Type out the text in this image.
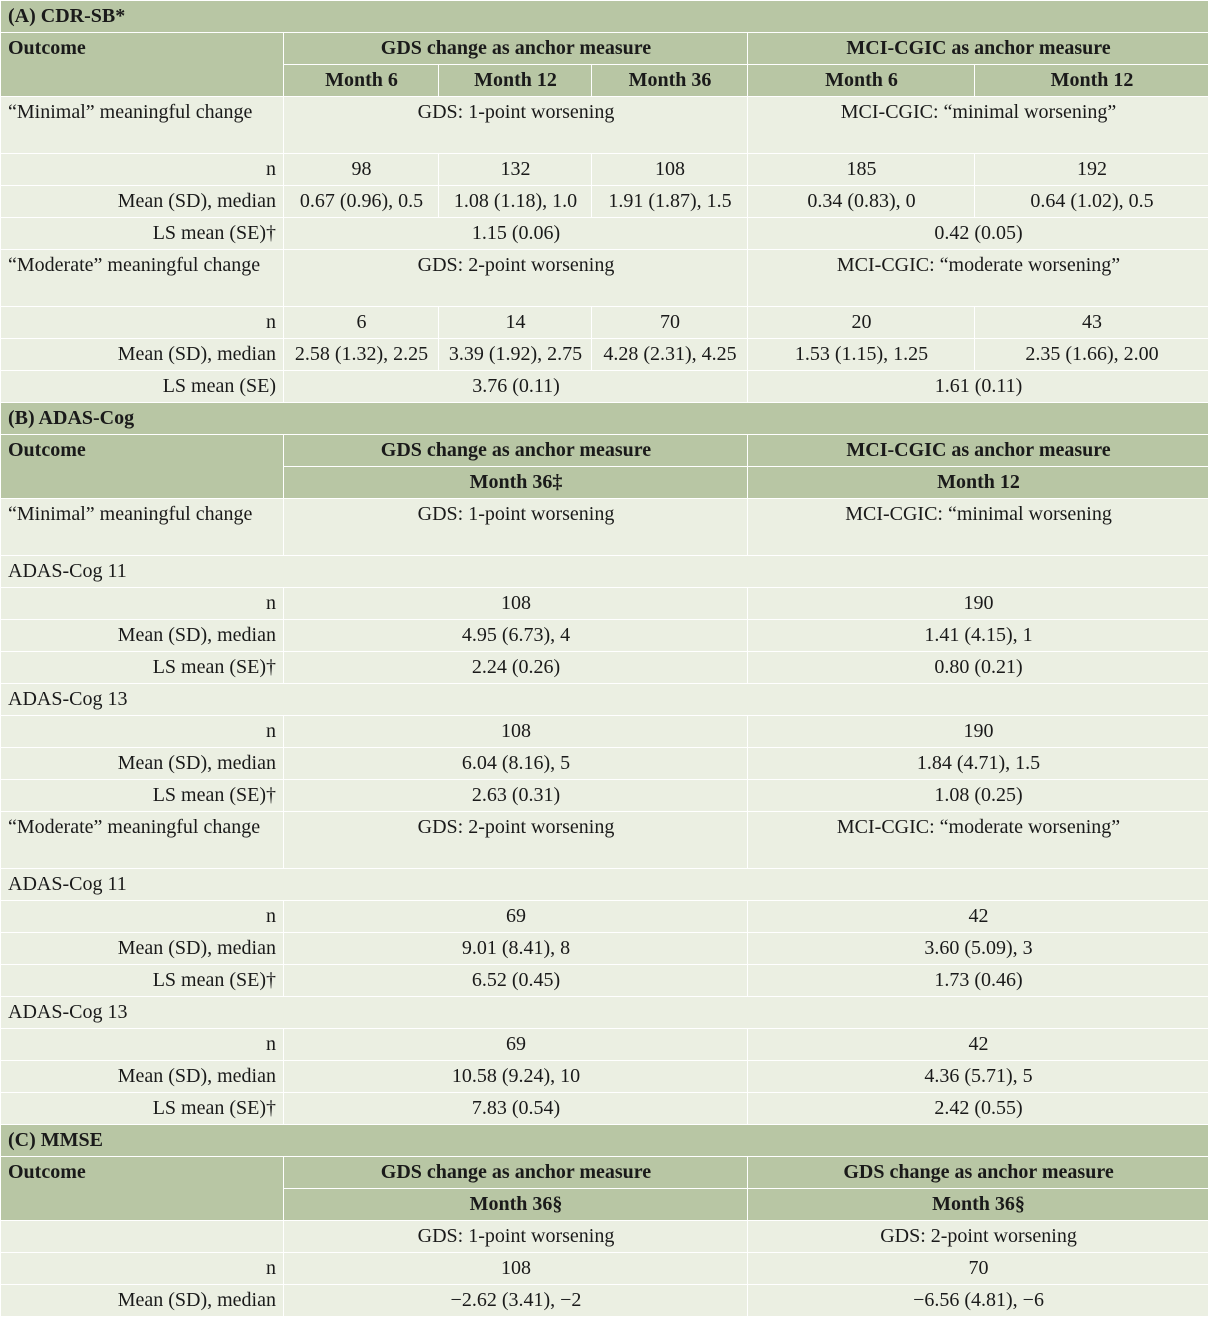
(A) CDR-SB*					
Outcome	GDS change as anchor measure			MCI-CGIC as anchor measure	
	Month 6	Month 12	Month 36	Month 6	Month 12
“Minimal” meaningful change	GDS: 1-point worsening			MCI-CGIC: “minimal worsening”	
n	98	132	108	185	192
Mean (SD), median	0.67 (0.96), 0.5	1.08 (1.18), 1.0	1.91 (1.87), 1.5	0.34 (0.83), 0	0.64 (1.02), 0.5
LS mean (SE)†	1.15 (0.06)			0.42 (0.05)	
“Moderate” meaningful change	GDS: 2-point worsening			MCI-CGIC: “moderate worsening”	
n	6	14	70	20	43
Mean (SD), median	2.58 (1.32), 2.25	3.39 (1.92), 2.75	4.28 (2.31), 4.25	1.53 (1.15), 1.25	2.35 (1.66), 2.00
LS mean (SE)	3.76 (0.11)			1.61 (0.11)	
(B) ADAS-Cog					
Outcome	GDS change as anchor measure			MCI-CGIC as anchor measure	
	Month 36‡			Month 12	
“Minimal” meaningful change	GDS: 1-point worsening			MCI-CGIC: “minimal worsening	
ADAS-Cog 11					
n	108			190	
Mean (SD), median	4.95 (6.73), 4			1.41 (4.15), 1	
LS mean (SE)†	2.24 (0.26)			0.80 (0.21)	
ADAS-Cog 13					
n	108			190	
Mean (SD), median	6.04 (8.16), 5			1.84 (4.71), 1.5	
LS mean (SE)†	2.63 (0.31)			1.08 (0.25)	
“Moderate” meaningful change	GDS: 2-point worsening			MCI-CGIC: “moderate worsening”	
ADAS-Cog 11					
n	69			42	
Mean (SD), median	9.01 (8.41), 8			3.60 (5.09), 3	
LS mean (SE)†	6.52 (0.45)			1.73 (0.46)	
ADAS-Cog 13					
n	69			42	
Mean (SD), median	10.58 (9.24), 10			4.36 (5.71), 5	
LS mean (SE)†	7.83 (0.54)			2.42 (0.55)	
(C) MMSE					
Outcome	GDS change as anchor measure			GDS change as anchor measure	
	Month 36§			Month 36§	
	GDS: 1-point worsening			GDS: 2-point worsening	
n	108			70	
Mean (SD), median	−2.62 (3.41), −2			−6.56 (4.81), −6	
